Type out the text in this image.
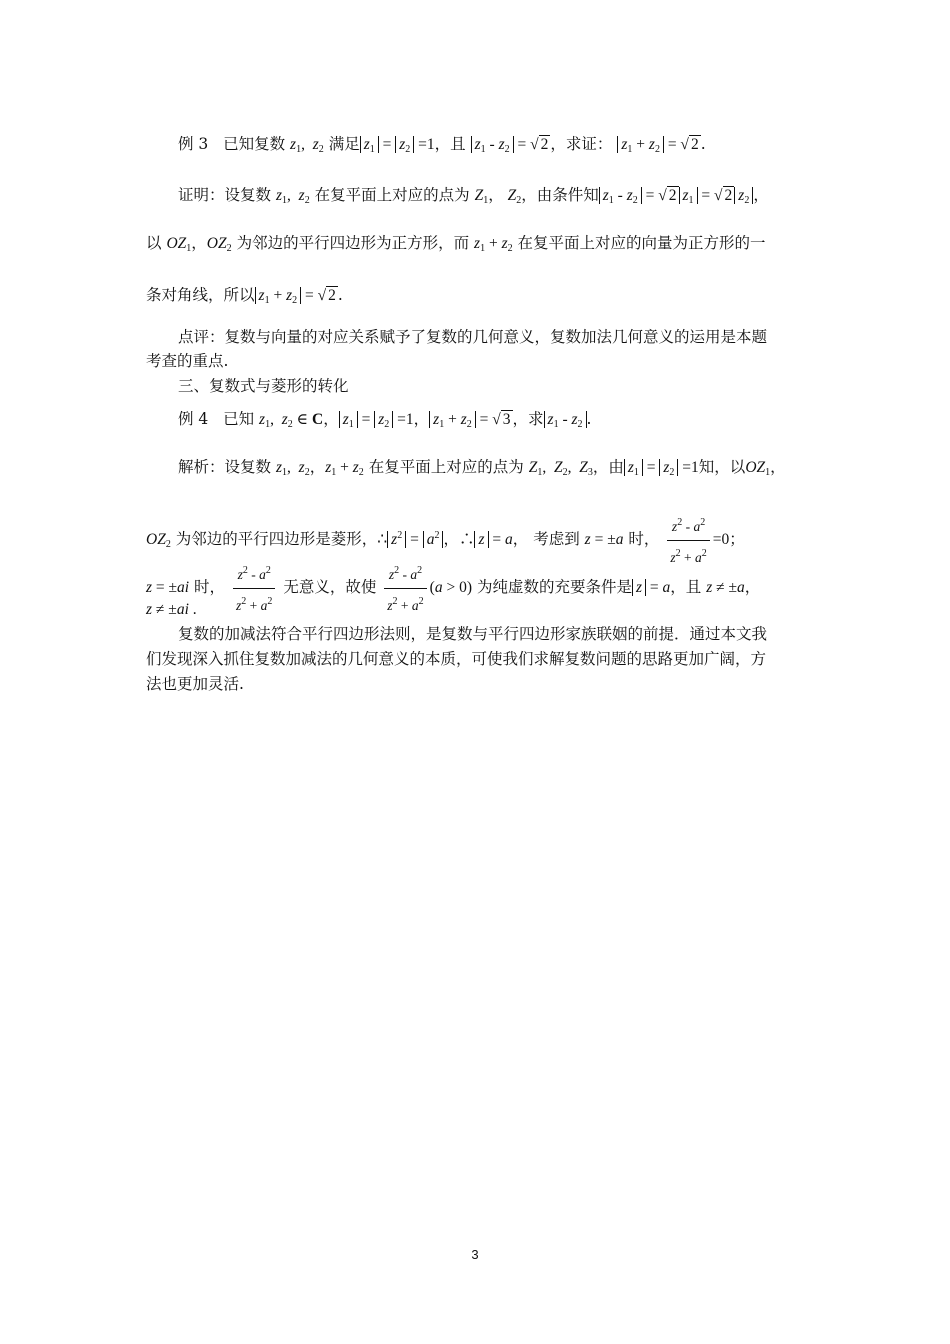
例 3 已知复数 $z_1$,  $z_2$ 满足 $z_1 = z_2 =1$，且 $z_1 - z_2$ = √ 2 ，求证： $z_1 + z_2$ = √ 2 .
证明：设复数 $z_1$,  $z_2$ 在复平面上对应的点为 $Z_1$， $Z_2$，由条件知 $z_1 - z_2$ = √ 2 $z_1$ = √ 2 $z_2$ ，
以 $OZ_1$，$OZ_2$ 为邻边的平行四边形为正方形，而 $z_1 + z_2$ 在复平面上对应的向量为正方形的一
条对角线，所以 $z_1 + z_2$ = √ 2 .
点评：复数与向量的对应关系赋予了复数的几何意义，复数加法几何意义的运用是本题
考查的重点.
三、复数式与菱形的转化
例 4 已知 $z_1$,  $z_2$ ∈ C， $z_1 = z_2 =1$， $z_1 + z_2$ = √ 3 ，求 $z_1 - z_2$ .
解析：设复数 $z_1$,  $z_2$，$z_1 + z_2$ 在复平面上对应的点为 $Z_1$,  $Z_2$,  $Z_3$，由 $z_1 = z_2 =1$知，以$OZ_1$，
$OZ_2$ 为邻边的平行四边形是菱形，∴ $z^2 = a^2$ ，∴ z = a， 考虑到 z = ±a 时， $\frac{z^2 - a^2}{z^2 + a^2} =0$；
z = ±ai 时， $\frac{z^2 - a^2}{z^2 + a^2}$ 无意义，故使 $\frac{z^2 - a^2}{z^2 + a^2} (a > 0)$ 为纯虚数的充要条件是 z = a，且 z ≠ ±a，
z ≠ ±ai .
复数的加减法符合平行四边形法则，是复数与平行四边形家族联姻的前提．通过本文我
们发现深入抓住复数加减法的几何意义的本质，可使我们求解复数问题的思路更加广阔，方
法也更加灵活.
3
